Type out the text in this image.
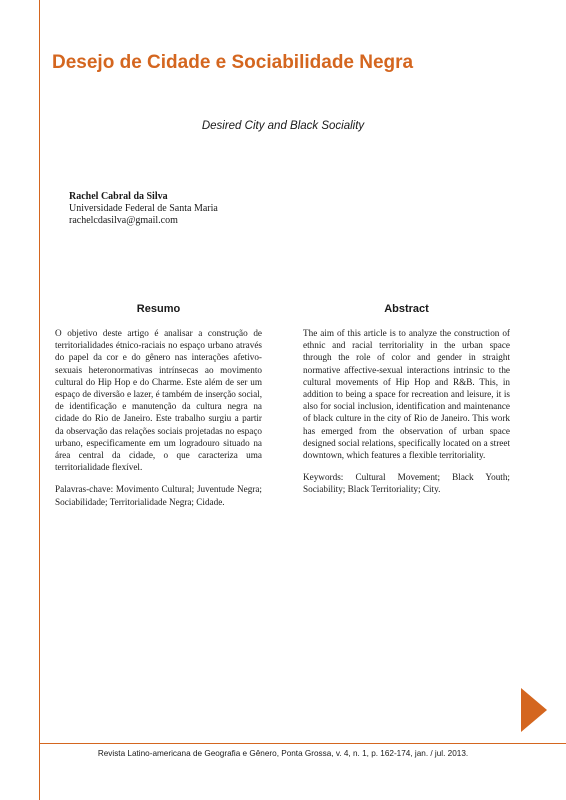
Desejo de Cidade e Sociabilidade Negra
Desired City and Black Sociality
Rachel Cabral da Silva
Universidade Federal de Santa Maria
rachelcdasilva@gmail.com
Resumo

O objetivo deste artigo é analisar a construção de territorialidades étnico-raciais no espaço urbano através do papel da cor e do gênero nas interações afetivo-sexuais heteronormativas intrínsecas ao movimento cultural do Hip Hop e do Charme. Este além de ser um espaço de diversão e lazer, é também de inserção social, de identificação e manutenção da cultura negra na cidade do Rio de Janeiro. Este trabalho surgiu a partir da observação das relações sociais projetadas no espaço urbano, especificamente em um logradouro situado na área central da cidade, o que caracteriza uma territorialidade flexível.

Palavras-chave: Movimento Cultural; Juventude Negra; Sociabilidade; Territorialidade Negra; Cidade.

Abstract

The aim of this article is to analyze the construction of ethnic and racial territoriality in the urban space through the role of color and gender in straight normative affective-sexual interactions intrinsic to the cultural movements of Hip Hop and R&B. This, in addition to being a space for recreation and leisure, it is also for social inclusion, identification and maintenance of black culture in the city of Rio de Janeiro. This work has emerged from the observation of urban space designed social relations, specifically located on a street downtown, which features a flexible territoriality.

Keywords: Cultural Movement; Black Youth; Sociability; Black Territoriality; City.

Revista Latino-americana de Geografia e Gênero, Ponta Grossa, v. 4, n. 1, p. 162-174, jan. / jul. 2013.
